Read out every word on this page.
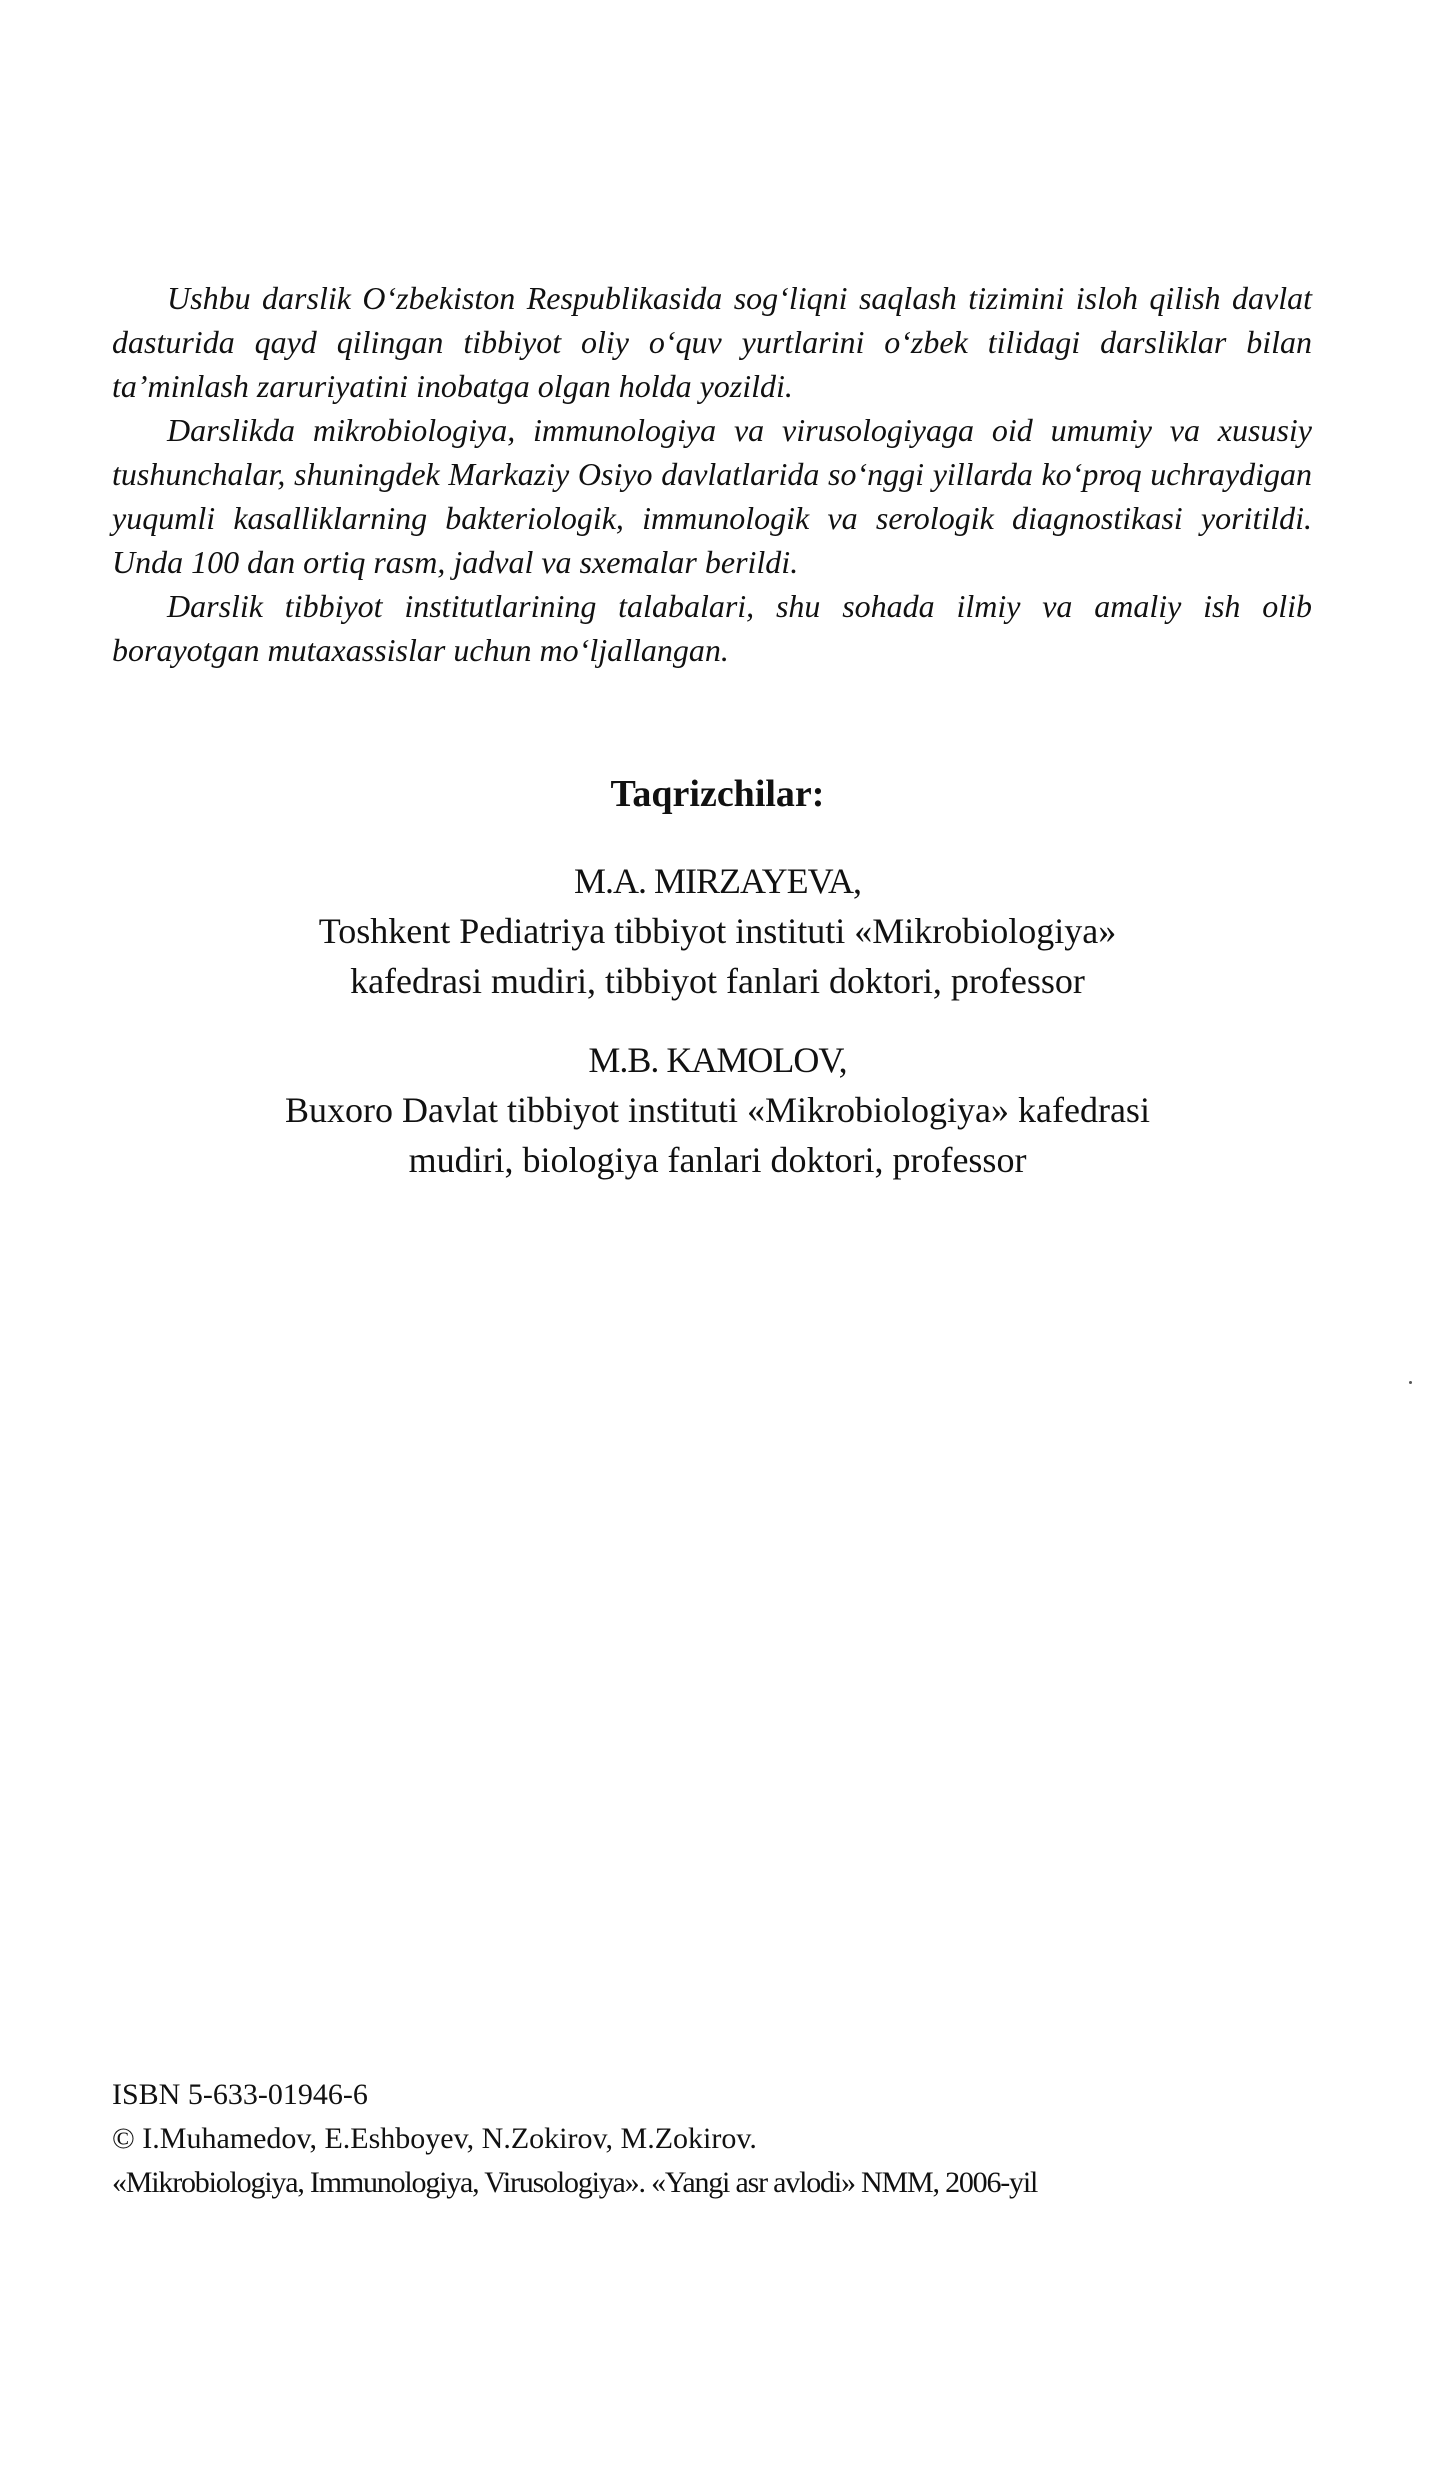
Ushbu darslik O‘zbekiston Respublikasida sog‘liqni saqlash tizimini isloh qilish davlat dasturida qayd qilingan tibbiyot oliy o‘quv yurtlarini o‘zbek tilidagi darsliklar bilan ta’minlash zaruriyatini inobatga olgan holda yozildi.

Darslikda mikrobiologiya, immunologiya va virusologiyaga oid umumiy va xususiy tushunchalar, shuningdek Markaziy Osiyo davlatlarida so‘nggi yillarda ko‘proq uchraydigan yuqumli kasalliklarning bakteriologik, immunologik va serologik diagnostikasi yoritildi. Unda 100 dan ortiq rasm, jadval va sxemalar berildi.

Darslik tibbiyot institutlarining talabalari, shu sohada ilmiy va amaliy ish olib borayotgan mutaxassislar uchun mo‘ljallangan.

Taqrizchilar:
M.A. MIRZAYEVA,
Toshkent Pediatriya tibbiyot instituti «Mikrobiologiya»
kafedrasi mudiri, tibbiyot fanlari doktori, professor
M.B. KAMOLOV,
Buxoro Davlat tibbiyot instituti «Mikrobiologiya» kafedrasi
mudiri, biologiya fanlari doktori, professor
ISBN 5-633-01946-6
© I.Muhamedov, E.Eshboyev, N.Zokirov, M.Zokirov.
«Mikrobiologiya, Immunologiya, Virusologiya». «Yangi asr avlodi» NMM, 2006-yil
